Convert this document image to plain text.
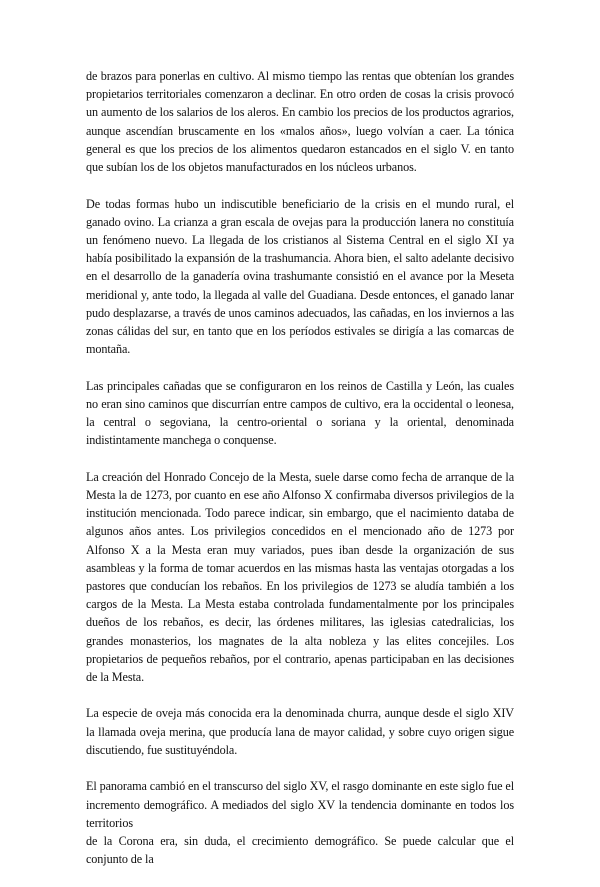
de brazos para ponerlas en cultivo. Al mismo tiempo las rentas que obtenían los grandes propietarios territoriales comenzaron a declinar. En otro orden de cosas la crisis provocó un aumento de los salarios de los aleros. En cambio los precios de los productos agrarios, aunque ascendían bruscamente en los «malos años», luego volvían a caer. La tónica general es que los precios de los alimentos quedaron estancados en el siglo V. en tanto que subían los de los objetos manufacturados en los núcleos urbanos.

De todas formas hubo un indiscutible beneficiario de la crisis en el mundo rural, el ganado ovino. La crianza a gran escala de ovejas para la producción lanera no constituía un fenómeno nuevo. La llegada de los cristianos al Sistema Central en el siglo XI ya había posibilitado la expansión de la trashumancia. Ahora bien, el salto adelante decisivo en el desarrollo de la ganadería ovina trashumante consistió en el avance por la Meseta meridional y, ante todo, la llegada al valle del Guadiana. Desde entonces, el ganado lanar pudo desplazarse, a través de unos caminos adecuados, las cañadas, en los inviernos a las zonas cálidas del sur, en tanto que en los períodos estivales se dirigía a las comarcas de montaña.

Las principales cañadas que se configuraron en los reinos de Castilla y León, las cuales no eran sino caminos que discurrían entre campos de cultivo, era la occidental o leonesa, la central o segoviana, la centro-oriental o soriana y la oriental, denominada indistintamente manchega o conquense.

La creación del Honrado Concejo de la Mesta, suele darse como fecha de arranque de la Mesta la de 1273, por cuanto en ese año Alfonso X confirmaba diversos privilegios de la institución mencionada. Todo parece indicar, sin embargo, que el nacimiento databa de algunos años antes. Los privilegios concedidos en el mencionado año de 1273 por Alfonso X a la Mesta eran muy variados, pues iban desde la organización de sus asambleas y la forma de tomar acuerdos en las mismas hasta las ventajas otorgadas a los pastores que conducían los rebaños. En los privilegios de 1273 se aludía también a los cargos de la Mesta. La Mesta estaba controlada fundamentalmente por los principales dueños de los rebaños, es decir, las órdenes militares, las iglesias catedralicias, los grandes monasterios, los magnates de la alta nobleza y las elites concejiles. Los propietarios de pequeños rebaños, por el contrario, apenas participaban en las decisiones de la Mesta.

La especie de oveja más conocida era la denominada churra, aunque desde el siglo XIV la llamada oveja merina, que producía lana de mayor calidad, y sobre cuyo origen sigue discutiendo, fue sustituyéndola.

El panorama cambió en el transcurso del siglo XV, el rasgo dominante en este siglo fue el incremento demográfico. A mediados del siglo XV la tendencia dominante en todos los territorios

de la Corona era, sin duda, el crecimiento demográfico. Se puede calcular que el conjunto de la
